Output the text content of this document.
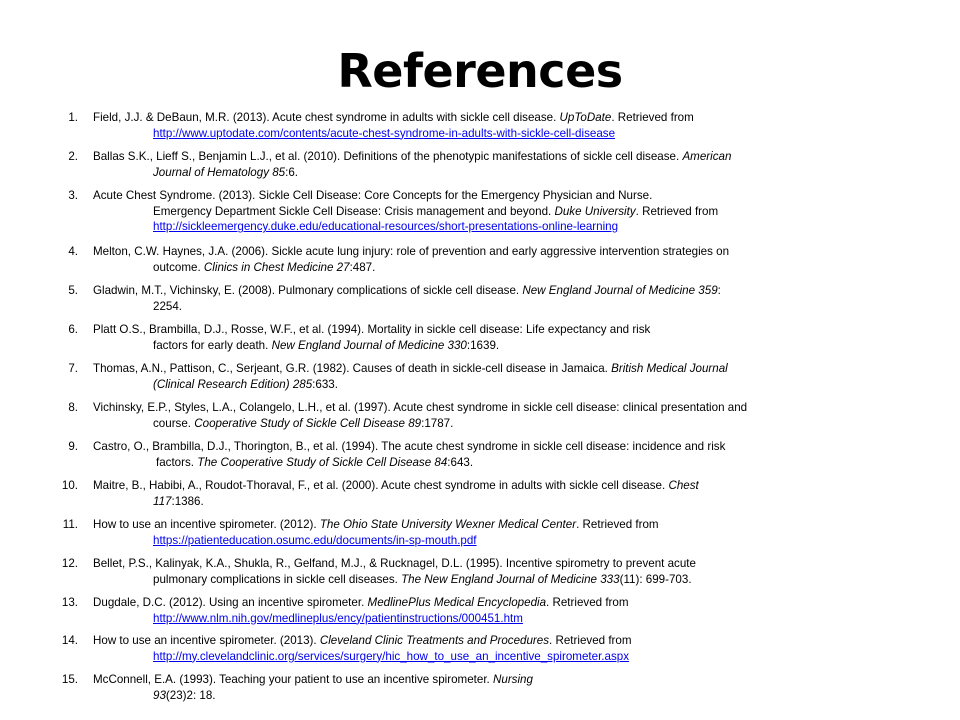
References
1. Field, J.J. & DeBaun, M.R. (2013). Acute chest syndrome in adults with sickle cell disease. UpToDate. Retrieved from
http://www.uptodate.com/contents/acute-chest-syndrome-in-adults-with-sickle-cell-disease
2. Ballas S.K., Lieff S., Benjamin L.J., et al. (2010). Definitions of the phenotypic manifestations of sickle cell disease. American
Journal of Hematology 85:6.
3. Acute Chest Syndrome. (2013). Sickle Cell Disease: Core Concepts for the Emergency Physician and Nurse.
Emergency Department Sickle Cell Disease: Crisis management and beyond. Duke University. Retrieved from
http://sickleemergency.duke.edu/educational-resources/short-presentations-online-learning
4. Melton, C.W. Haynes, J.A. (2006). Sickle acute lung injury: role of prevention and early aggressive intervention strategies on
outcome. Clinics in Chest Medicine 27:487.
5. Gladwin, M.T., Vichinsky, E. (2008). Pulmonary complications of sickle cell disease. New England Journal of Medicine 359:
2254.
6. Platt O.S., Brambilla, D.J., Rosse, W.F., et al. (1994). Mortality in sickle cell disease: Life expectancy and risk
factors for early death. New England Journal of Medicine 330:1639.
7. Thomas, A.N., Pattison, C., Serjeant, G.R. (1982). Causes of death in sickle-cell disease in Jamaica. British Medical Journal
(Clinical Research Edition) 285:633.
8. Vichinsky, E.P., Styles, L.A., Colangelo, L.H., et al. (1997). Acute chest syndrome in sickle cell disease: clinical presentation and
course. Cooperative Study of Sickle Cell Disease 89:1787.
9. Castro, O., Brambilla, D.J., Thorington, B., et al. (1994). The acute chest syndrome in sickle cell disease: incidence and risk
factors. The Cooperative Study of Sickle Cell Disease 84:643.
10. Maitre, B., Habibi, A., Roudot-Thoraval, F., et al. (2000). Acute chest syndrome in adults with sickle cell disease. Chest
117:1386.
11. How to use an incentive spirometer. (2012). The Ohio State University Wexner Medical Center. Retrieved from
https://patienteducation.osumc.edu/documents/in-sp-mouth.pdf
12. Bellet, P.S., Kalinyak, K.A., Shukla, R., Gelfand, M.J., & Rucknagel, D.L. (1995). Incentive spirometry to prevent acute
pulmonary complications in sickle cell diseases. The New England Journal of Medicine 333(11): 699-703.
13. Dugdale, D.C. (2012). Using an incentive spirometer. MedlinePlus Medical Encyclopedia. Retrieved from
http://www.nlm.nih.gov/medlineplus/ency/patientinstructions/000451.htm
14. How to use an incentive spirometer. (2013). Cleveland Clinic Treatments and Procedures. Retrieved from
http://my.clevelandclinic.org/services/surgery/hic_how_to_use_an_incentive_spirometer.aspx
15. McConnell, E.A. (1993). Teaching your patient to use an incentive spirometer. Nursing
93(23)2: 18.
